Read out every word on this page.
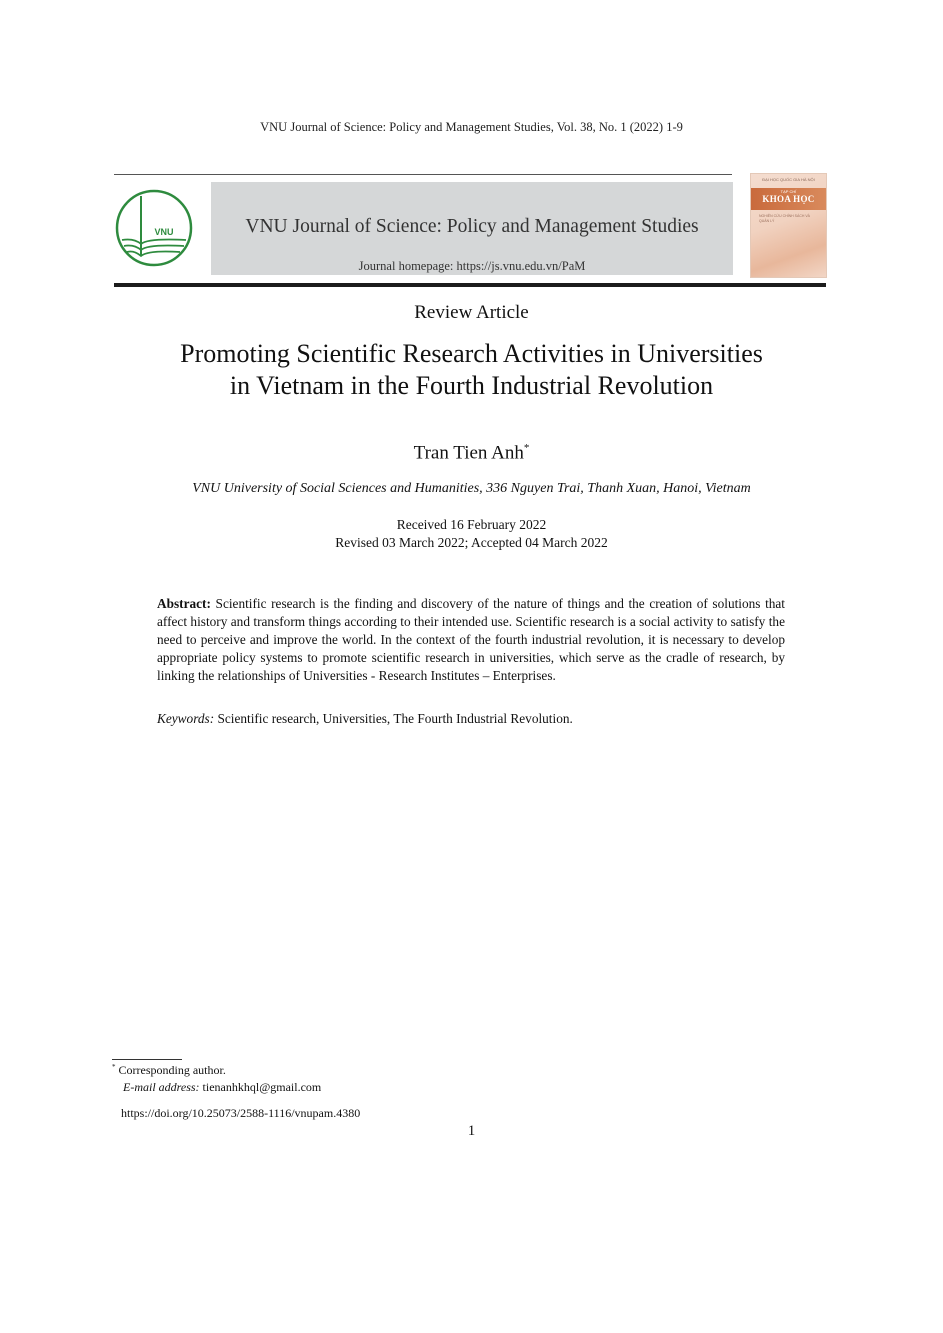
VNU Journal of Science: Policy and Management Studies, Vol. 38, No. 1 (2022) 1-9
VNU	VNU Journal of Science: Policy and Management Studies
Journal homepage: https://js.vnu.edu.vn/PaM
ĐẠI HỌC QUỐC GIA HÀ NỘI
TẠP CHÍ
KHOA HỌC
NGHIÊN CỨU CHÍNH SÁCH VÀ QUẢN LÝ
Review Article
Promoting Scientific Research Activities in Universities
in Vietnam in the Fourth Industrial Revolution
Tran Tien Anh*
VNU University of Social Sciences and Humanities, 336 Nguyen Trai, Thanh Xuan, Hanoi, Vietnam
Received 16 February 2022
Revised 03 March 2022; Accepted 04 March 2022
Abstract: Scientific research is the finding and discovery of the nature of things and the creation of solutions that affect history and transform things according to their intended use. Scientific research is a social activity to satisfy the need to perceive and improve the world. In the context of the fourth industrial revolution, it is necessary to develop appropriate policy systems to promote scientific research in universities, which serve as the cradle of research, by linking the relationships of Universities - Research Institutes – Enterprises.
Keywords: Scientific research, Universities, The Fourth Industrial Revolution.
* Corresponding author.
E-mail address: tienanhkhql@gmail.com
https://doi.org/10.25073/2588-1116/vnupam.4380
1
